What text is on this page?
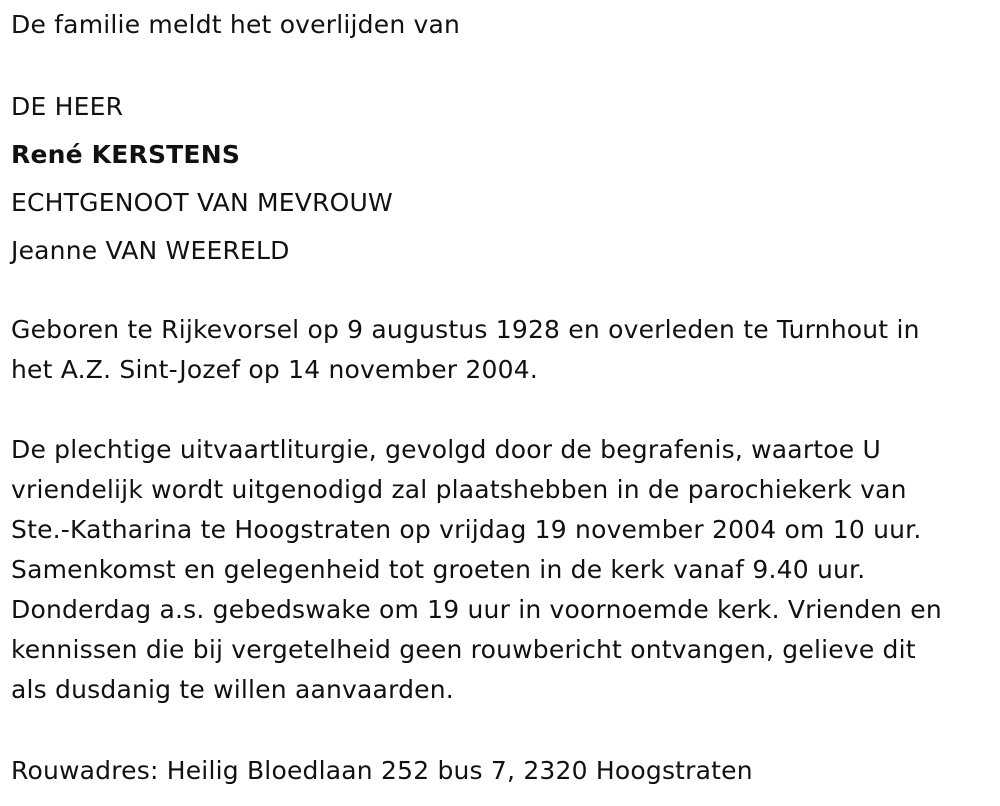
De familie meldt het overlijden van
DE HEER
René KERSTENS
ECHTGENOOT VAN MEVROUW
Jeanne VAN WEERELD
Geboren te Rijkevorsel op 9 augustus 1928 en overleden te Turnhout in
het A.Z. Sint-Jozef op 14 november 2004.
De plechtige uitvaartliturgie, gevolgd door de begrafenis, waartoe U
vriendelijk wordt uitgenodigd zal plaatshebben in de parochiekerk van
Ste.-Katharina te Hoogstraten op vrijdag 19 november 2004 om 10 uur.
Samenkomst en gelegenheid tot groeten in de kerk vanaf 9.40 uur.
Donderdag a.s. gebedswake om 19 uur in voornoemde kerk. Vrienden en
kennissen die bij vergetelheid geen rouwbericht ontvangen, gelieve dit
als dusdanig te willen aanvaarden.
Rouwadres: Heilig Bloedlaan 252 bus 7, 2320 Hoogstraten
